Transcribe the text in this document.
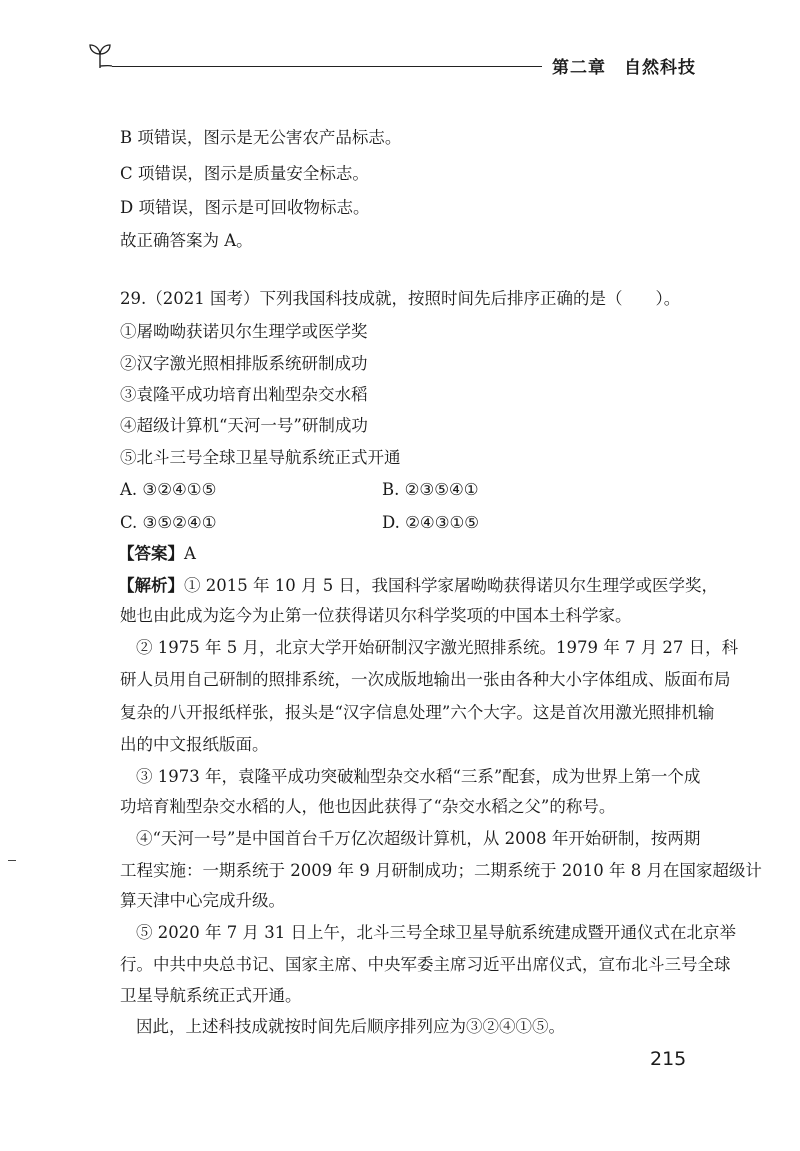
第二章 自然科技
B 项错误，图示是无公害农产品标志。
C 项错误，图示是质量安全标志。
D 项错误，图示是可回收物标志。
故正确答案为 A。
29.（2021 国考）下列我国科技成就，按照时间先后排序正确的是（　　）。
①屠呦呦获诺贝尔生理学或医学奖
②汉字激光照相排版系统研制成功
③袁隆平成功培育出籼型杂交水稻
④超级计算机“天河一号”研制成功
⑤北斗三号全球卫星导航系统正式开通
A. ③②④①⑤	B. ②③⑤④①
C. ③⑤②④①	D. ②④③①⑤
【答案】A
【解析】① 2015 年 10 月 5 日，我国科学家屠呦呦获得诺贝尔生理学或医学奖，
她也由此成为迄今为止第一位获得诺贝尔科学奖项的中国本土科学家。
② 1975 年 5 月，北京大学开始研制汉字激光照排系统。1979 年 7 月 27 日，科
研人员用自己研制的照排系统，一次成版地输出一张由各种大小字体组成、版面布局
复杂的八开报纸样张，报头是“汉字信息处理”六个大字。这是首次用激光照排机输
出的中文报纸版面。
③ 1973 年，袁隆平成功突破籼型杂交水稻“三系”配套，成为世界上第一个成
功培育籼型杂交水稻的人，他也因此获得了“杂交水稻之父”的称号。
④“天河一号”是中国首台千万亿次超级计算机，从 2008 年开始研制，按两期
工程实施：一期系统于 2009 年 9 月研制成功；二期系统于 2010 年 8 月在国家超级计
算天津中心完成升级。
⑤ 2020 年 7 月 31 日上午，北斗三号全球卫星导航系统建成暨开通仪式在北京举
行。中共中央总书记、国家主席、中央军委主席习近平出席仪式，宣布北斗三号全球
卫星导航系统正式开通。
因此，上述科技成就按时间先后顺序排列应为③②④①⑤。
215
